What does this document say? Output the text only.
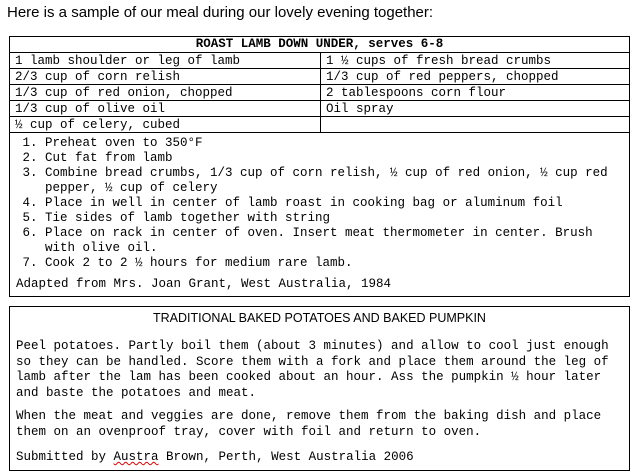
Here is a sample of our meal during our lovely evening together:
ROAST LAMB DOWN UNDER, serves 6-8
1 lamb shoulder or leg of lamb	1 ½ cups of fresh bread crumbs
2/3 cup of corn relish	1/3 cup of red peppers, chopped
1/3 cup of red onion, chopped	2 tablespoons corn flour
1/3 cup of olive oil	Oil spray
½ cup of celery, cubed	
1. Preheat oven to 350°F
2. Cut fat from lamb
3. Combine bread crumbs, 1/3 cup of corn relish, ½ cup of red onion, ½ cup red pepper, ½ cup of celery
4. Place in well in center of lamb roast in cooking bag or aluminum foil
5. Tie sides of lamb together with string
6. Place on rack in center of oven. Insert meat thermometer in center. Brush with olive oil.
7. Cook 2 to 2 ½ hours for medium rare lamb.
Adapted from Mrs. Joan Grant, West Australia, 1984
TRADITIONAL BAKED POTATOES AND BAKED PUMPKIN

Peel potatoes. Partly boil them (about 3 minutes) and allow to cool just enough so they can be handled. Score them with a fork and place them around the leg of lamb after the lam has been cooked about an hour. Ass the pumpkin ½ hour later and baste the potatoes and meat.

When the meat and veggies are done, remove them from the baking dish and place them on an ovenproof tray, cover with foil and return to oven.

Submitted by Austra Brown, Perth, West Australia 2006
